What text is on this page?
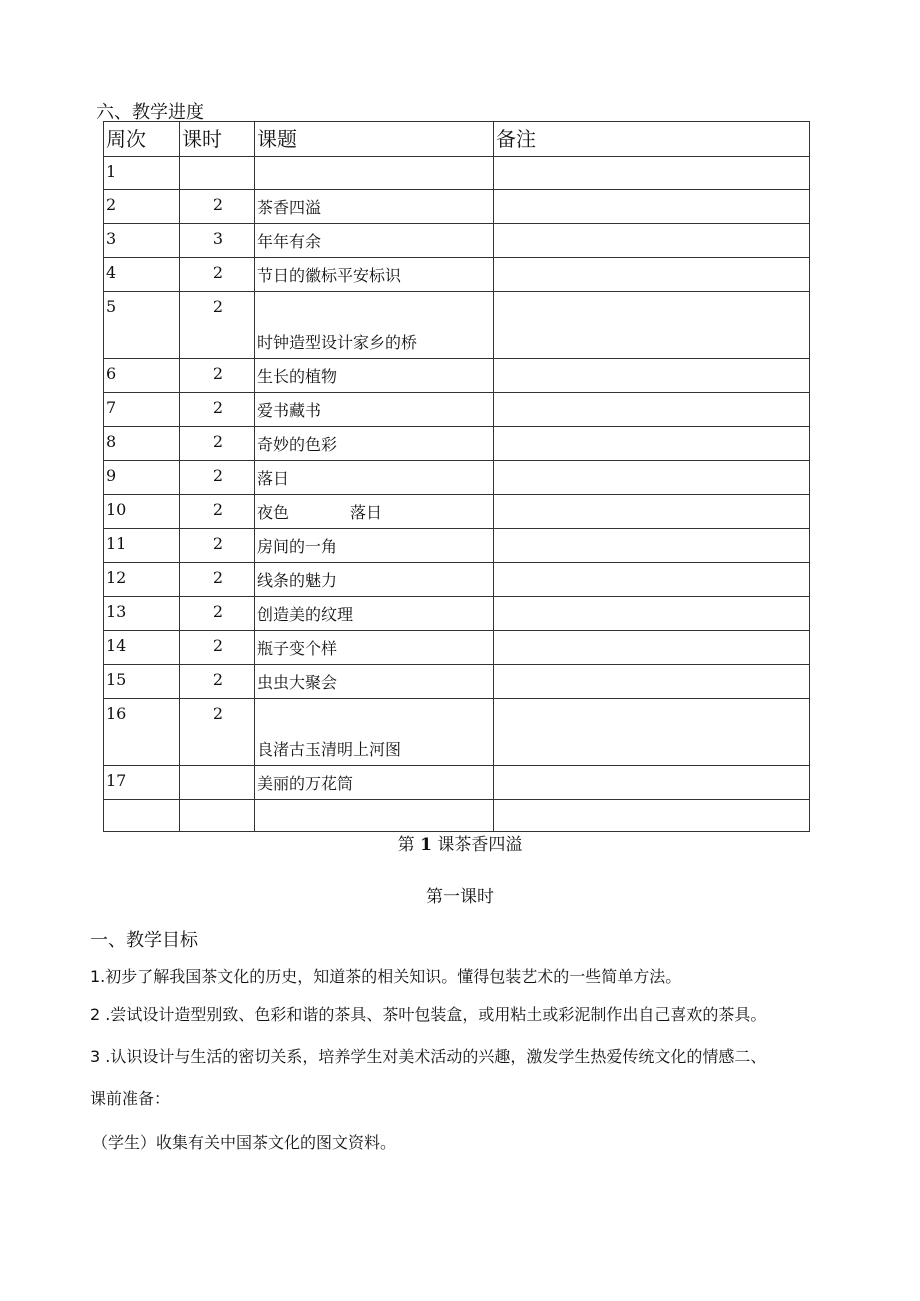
六、教学进度
周次	课时	课题	备注
1		

2	2	茶香四溢	

3	3	年年有余	

4	2	节日的徽标平安标识	

5	2	时钟造型设计家乡的桥	

6	2	生长的植物	

7	2	爱书藏书	

8	2	奇妙的色彩	

9	2	落日	

10	2	夜色            落日	

11	2	房间的一角	

12	2	线条的魅力	

13	2	创造美的纹理	

14	2	瓶子变个样	

15	2	虫虫大聚会	

16	2	良渚古玉清明上河图	

17		美丽的万花筒	

第 1 课茶香四溢
第一课时
一、教学目标
1.初步了解我国茶文化的历史，知道茶的相关知识。懂得包装艺术的一些简单方法。
2 .尝试设计造型别致、色彩和谐的茶具、茶叶包装盒，或用粘土或彩泥制作出自己喜欢的茶具。
3 .认识设计与生活的密切关系，培养学生对美术活动的兴趣，激发学生热爱传统文化的情感二、
课前准备：
（学生）收集有关中国茶文化的图文资料。
